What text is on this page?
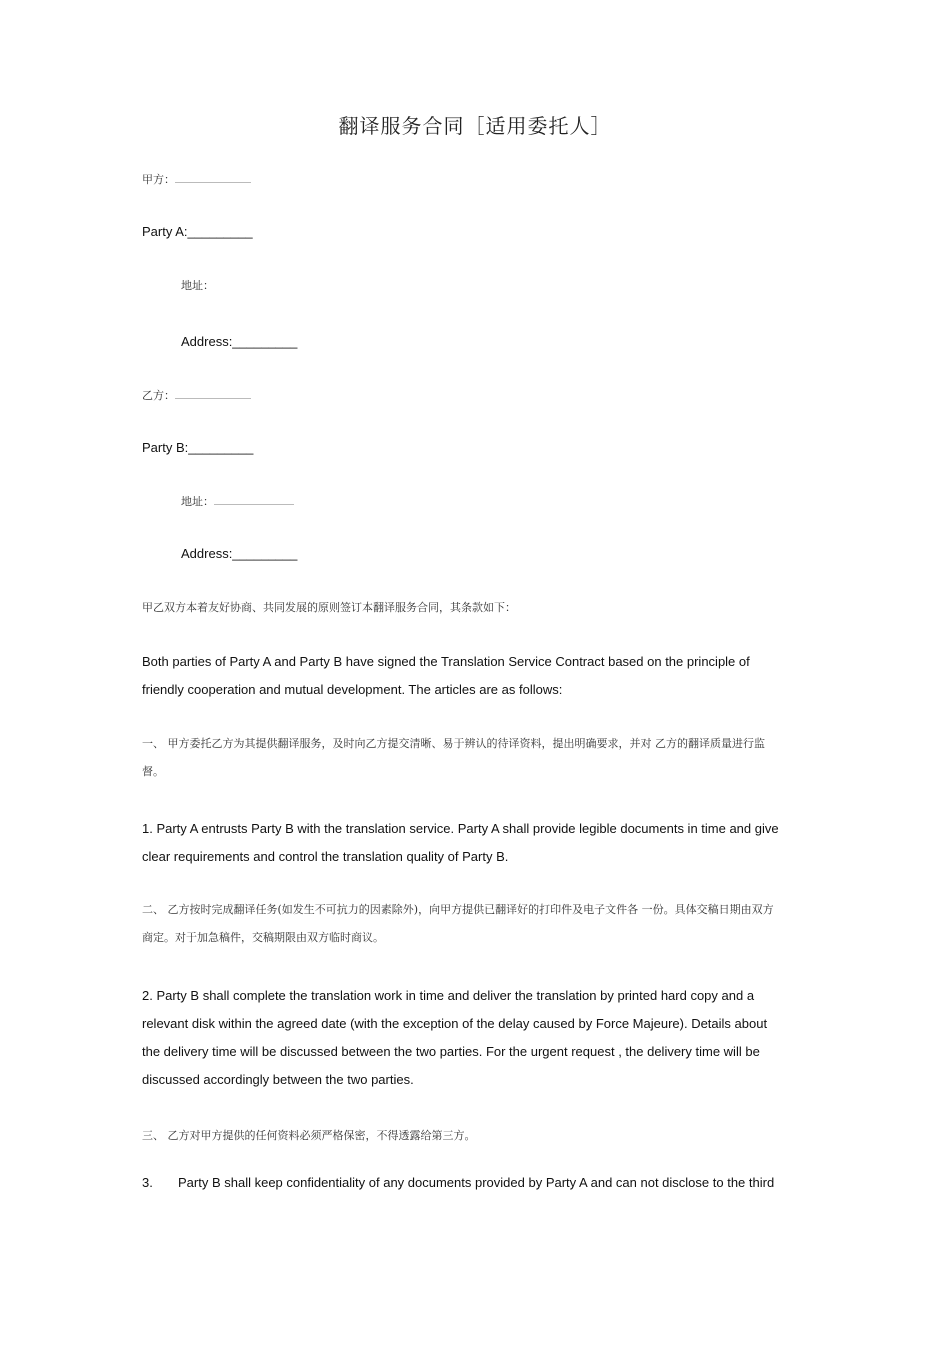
翻译服务合同［适用委托人］
甲方：
Party A:_________
地址：
Address:_________
乙方：
Party B:_________
地址：
Address:_________
甲乙双方本着友好协商、共同发展的原则签订本翻译服务合同，其条款如下：
Both parties of Party A and Party B have signed the Translation Service Contract based on the principle of friendly cooperation and mutual development. The articles are as follows:
一、 甲方委托乙方为其提供翻译服务，及时向乙方提交清晰、易于辨认的待译资料，提出明确要求，并对 乙方的翻译质量进行监督。
1. Party A entrusts Party B with the translation service. Party A shall provide legible documents in time and give clear requirements and control the translation quality of Party B.
二、 乙方按时完成翻译任务(如发生不可抗力的因素除外)，向甲方提供已翻译好的打印件及电子文件各 一份。具体交稿日期由双方商定。对于加急稿件，交稿期限由双方临时商议。
2. Party B shall complete the translation work in time and deliver the translation by printed hard copy and a relevant disk within the agreed date (with the exception of the delay caused by Force Majeure). Details about the delivery time will be discussed between the two parties. For the urgent request , the delivery time will be discussed accordingly between the two parties.
三、 乙方对甲方提供的任何资料必须严格保密，不得透露给第三方。
3. Party B shall keep confidentiality of any documents provided by Party A and can not disclose to the third
